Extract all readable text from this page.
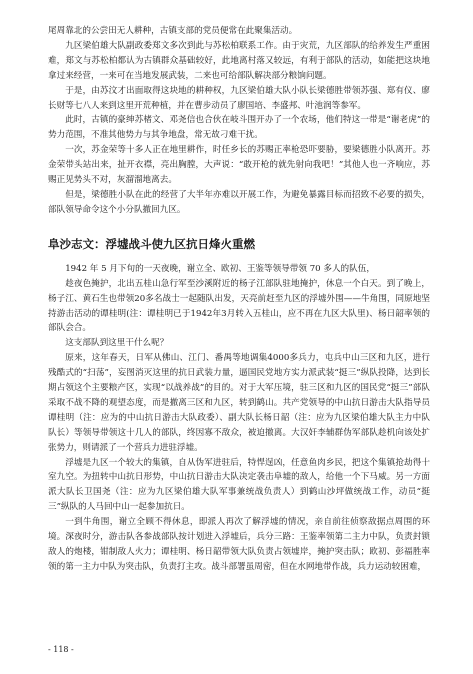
尾周靠北的公尝田无人耕种，古镇支部的党员便常在此聚集活动。

九区梁伯雄大队副政委郑文多次到此与苏松柏联系工作。由于灾荒，九区部队的给养发生严重困难，郑文与苏松柏都认为古镇群众基础较好，此地离村落又较远，有利于部队的活动，如能把这块地拿过来经营，一来可在当地发展武装，二来也可给部队解决部分粮饷问题。

于是，由苏汶才出面取得这块地的耕种权，九区梁伯雄大队小队长梁德胜带领苏强、郑有仪、廖长财等七八人来到这里开荒种植，并在曹步动员了廖国培、李盛邦、叶池润等参军。

此时，古镇的豪绅苏楮文、邓尧信也合伙在岐斗围开办了一个农场，他们特这一带是“谢老虎”的势力范围，不准其他势力与其争地盘，常无故刁难干扰。

一次，苏金荣等十多人正在地里耕作，时任乡长的苏赐正率枪恐吓要胁，要梁德胜小队离开。苏金荣带头站出来，扯开衣襟，亮出胸膛，大声说：“敢开枪的就先射向我吧！”其他人也一齐响应，苏赐正见势头不对，灰溜溜地离去。

但是，梁德胜小队在此的经营了大半年亦难以开展工作，为避免暴露目标而招致不必要的损失，部队领导命令这个小分队撤回九区。

阜沙志文：浮墟战斗使九区抗日烽火重燃

1942 年 5 月下旬的一天夜晚，谢立全、欧初、王鉴等领导带领 70 多人的队伍，

趁夜色掩护，北出五桂山急行军至沙溪附近的杨子江部队驻地掩护，休息一个白天。到了晚上，杨子江、黄石生也带领20多名战士一起随队出发，天亮前赶至九区的浮墟外围——牛角围，同原地坚持游击活动的谭桂明(注：谭桂明已于1942年3月转入五桂山，应不再在九区大队里)、杨日韶率领的部队会合。

这支部队到这里干什么呢？

原来，这年春天，日军从佛山、江门、番禺等地调集4000多兵力，屯兵中山三区和九区，进行残酷式的“扫荡”，妄图消灭这里的抗日武装力量，逼国民党地方实力派武装“挺三”纵队投降，达到长期占领这个主要粮产区，实现“以战养战”的目的。对于大军压境，驻三区和九区的国民党“挺三”部队采取不战不降的观望态度，而是撤离三区和九区，转到鹤山。共产党领导的中山抗日游击大队指导员谭桂明（注：应为的中山抗日游击大队政委）、副大队长杨日韶（注：应为九区梁伯雄大队主力中队队长）等领导带领这十几人的部队，终因寡不敌众，被迫撤离。大汉奸李辅群伪军部队趁机向该处扩张势力，则请派了一个营兵力进驻浮墟。

浮墟是九区一个较大的集镇，自从伪军进驻后，特悍逞凶，任意鱼肉乡民，把这个集镇抢劫得十室九空。为扭转中山抗日形势，中山抗日游击大队决定袭击阜墟的敌人，给他一个下马威。另一方面派大队长卫国尧（注：应为九区梁伯雄大队军事兼统战负责人）到鹤山沙坪做统战工作，动员“挺三”纵队的人马回中山一起参加抗日。

一到牛角围，谢立全顾不得休息，即派人再次了解浮墟的情况，亲自前往侦察敌据点周围的环境。深夜时分，游击队各参战部队按计划进入浮墟后，兵分三路：王鉴率领第二主力中队，负责封锁敌人的炮楼，钳制敌人火力；谭桂明、杨日韶带领大队负责占领墟岸，掩护突击队；欧初、彭福胜率领的第一主力中队为突击队，负责打主攻。战斗部署虽周密，但在水网地带作战，兵力运动较困难，

- 118 -
